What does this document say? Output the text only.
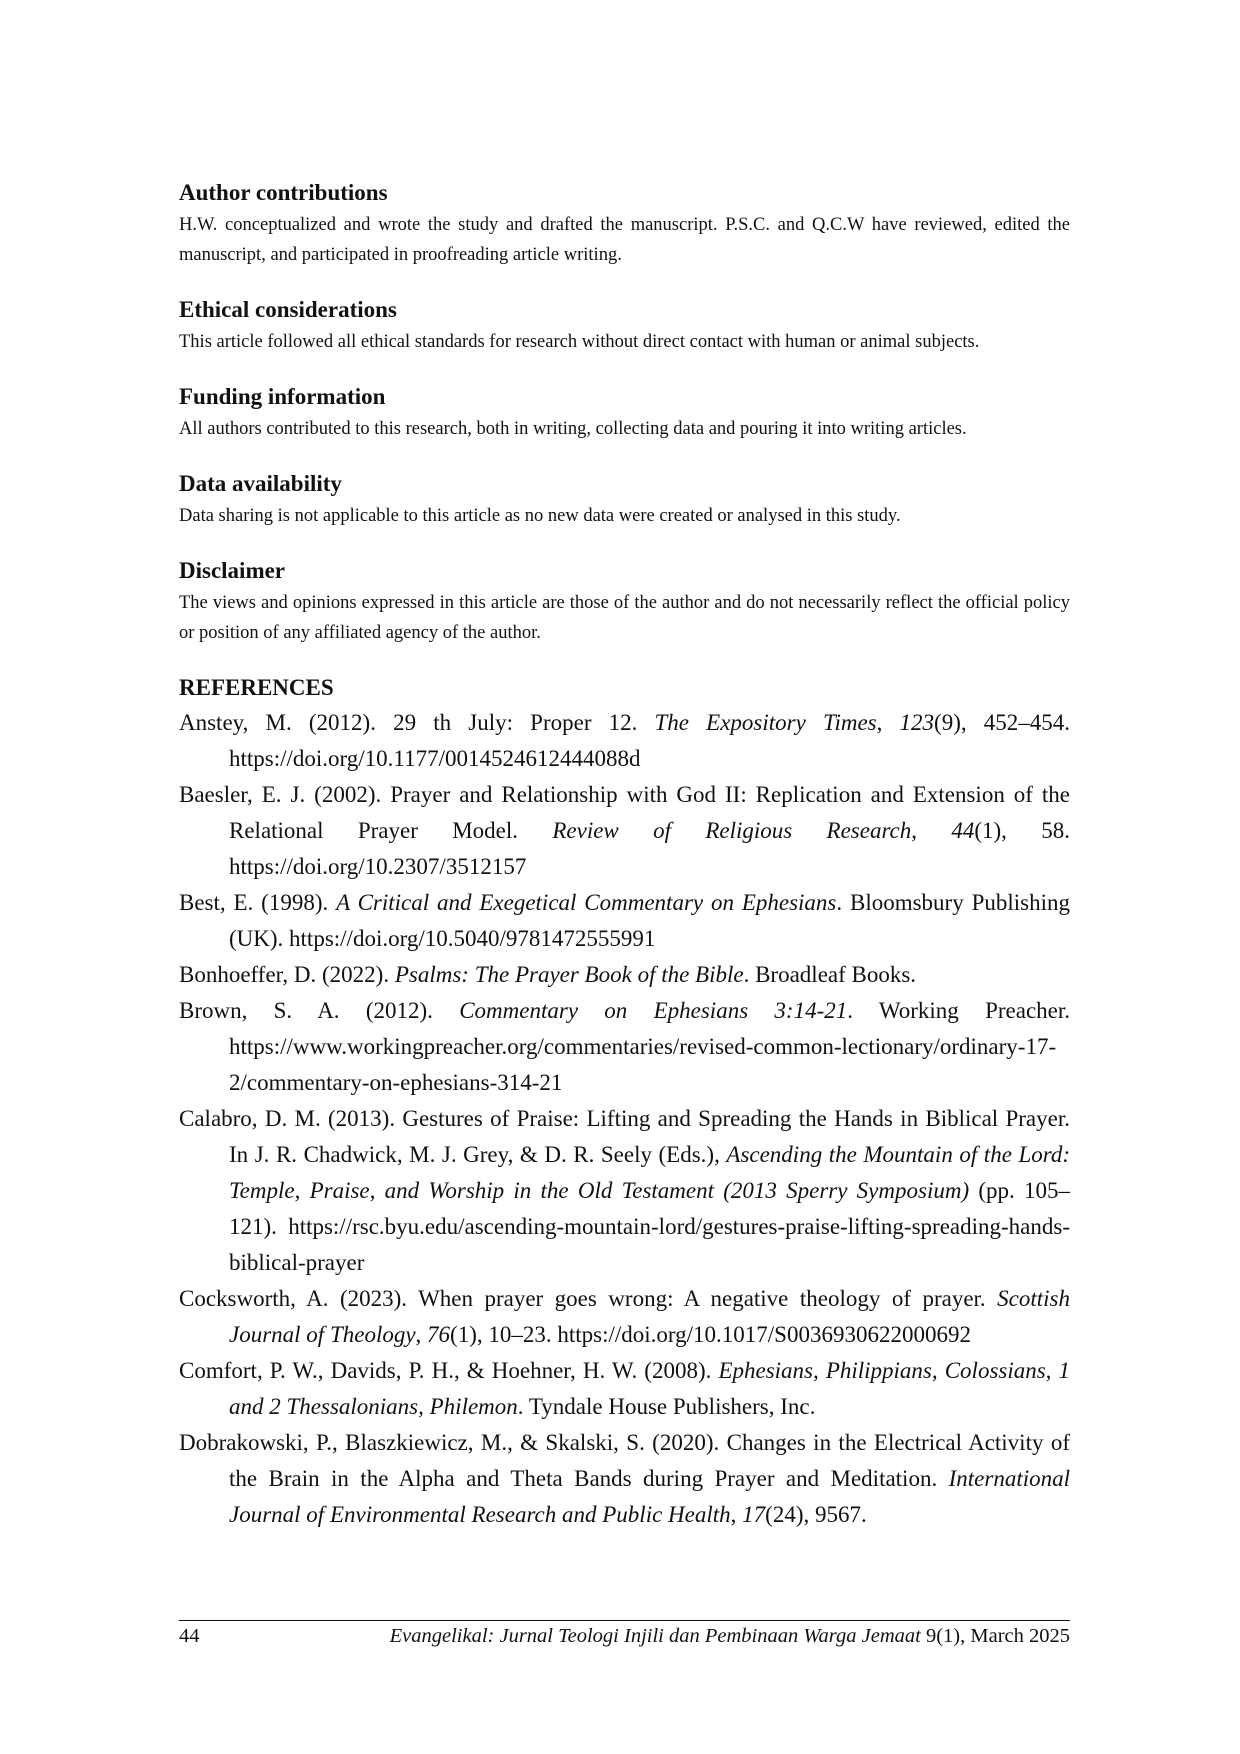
Author contributions

H.W. conceptualized and wrote the study and drafted the manuscript. P.S.C. and Q.C.W have reviewed, edited the manuscript, and participated in proofreading article writing.

Ethical considerations

This article followed all ethical standards for research without direct contact with human or animal subjects.

Funding information

All authors contributed to this research, both in writing, collecting data and pouring it into writing articles.

Data availability

Data sharing is not applicable to this article as no new data were created or analysed in this study.

Disclaimer

The views and opinions expressed in this article are those of the author and do not necessarily reflect the official policy or position of any affiliated agency of the author.

REFERENCES

Anstey, M. (2012). 29 th July: Proper 12. The Expository Times, 123(9), 452–454. https://doi.org/10.1177/0014524612444088d

Baesler, E. J. (2002). Prayer and Relationship with God II: Replication and Extension of the Relational Prayer Model. Review of Religious Research, 44(1), 58. https://doi.org/10.2307/3512157

Best, E. (1998). A Critical and Exegetical Commentary on Ephesians. Bloomsbury Publishing (UK). https://doi.org/10.5040/9781472555991

Bonhoeffer, D. (2022). Psalms: The Prayer Book of the Bible. Broadleaf Books.

Brown, S. A. (2012). Commentary on Ephesians 3:14-21. Working Preacher. https://www.workingpreacher.org/commentaries/revised-common-lectionary/ordinary-17-2/commentary-on-ephesians-314-21

Calabro, D. M. (2013). Gestures of Praise: Lifting and Spreading the Hands in Biblical Prayer. In J. R. Chadwick, M. J. Grey, & D. R. Seely (Eds.), Ascending the Mountain of the Lord: Temple, Praise, and Worship in the Old Testament (2013 Sperry Symposium) (pp. 105–121). https://rsc.byu.edu/ascending-mountain-lord/gestures-praise-lifting-spreading-hands-biblical-prayer

Cocksworth, A. (2023). When prayer goes wrong: A negative theology of prayer. Scottish Journal of Theology, 76(1), 10–23. https://doi.org/10.1017/S0036930622000692

Comfort, P. W., Davids, P. H., & Hoehner, H. W. (2008). Ephesians, Philippians, Colossians, 1 and 2 Thessalonians, Philemon. Tyndale House Publishers, Inc.

Dobrakowski, P., Blaszkiewicz, M., & Skalski, S. (2020). Changes in the Electrical Activity of the Brain in the Alpha and Theta Bands during Prayer and Meditation. International Journal of Environmental Research and Public Health, 17(24), 9567.

44	Evangelikal: Jurnal Teologi Injili dan Pembinaan Warga Jemaat 9(1), March 2025
